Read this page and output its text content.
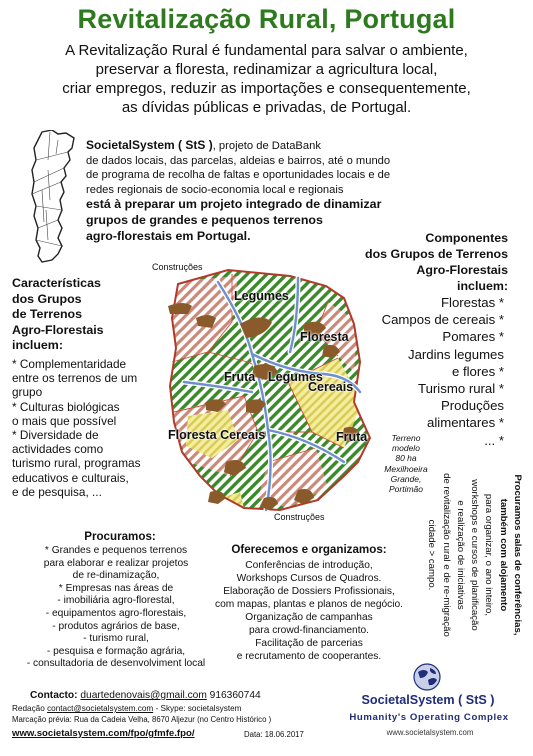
Revitalização Rural, Portugal
A Revitalização Rural é fundamental para salvar o ambiente,
preservar a floresta, redinamizar a agricultura local,
criar empregos, reduzir as importações e consequentemente,
as dívidas públicas e privadas, de Portugal.
SocietalSystem ( StS ), projeto de DataBank
de dados locais, das parcelas, aldeias e bairros, até o mundo
de programa de recolha de faltas e oportunidades locais e de
redes regionais de socio-economia local e regionais
está à preparar um projeto integrado de dinamizar
grupos de grandes e pequenos terrenos
agro-florestais em Portugal.	Componentes
dos Grupos de Terrenos
Agro-Florestais
incluem:
Florestas *
Campos de cereais *
Pomares *
Jardins legumes
e flores *
Turismo rural *
Produções
alimentares *
... *
Características
dos Grupos
de Terrenos
Agro-Florestais
incluem:
* Complementaridade
entre os terrenos de um
grupo
* Culturas biológicas
o mais que possível
* Diversidade de
actividades como
turismo rural, programas
educativos e culturais,
e de pesquisa, ...
Construções
Legumes
Floresta
Fruta Legumes
Cereais
Floresta Cereais	Fruta
Construções
Terreno
modelo
80 ha
Mexilhoeira
Grande,
Portimão
Procuramos:
* Grandes e pequenos terrenos
para elaborar e realizar projetos
de re-dinamização,
* Empresas nas áreas de
- imobiliária agro-florestal,
- equipamentos agro-florestais,
- produtos agrários de base,
- turismo rural,
- pesquisa e formação agrária,
- consultadoria de desenvolviment local
Oferecemos e organizamos:
Conferências de introdução,
Workshops Cursos de Quadros.
Elaboração de Dossiers Profissionais,
com mapas, plantas e planos de negócio.
Organização de campanhas
para crowd-financiamento.
Facilitação de parcerias
e recrutamento de cooperantes.
Procuramos salas de conferências,
também com alojamento
para organizar, o ano inteiro,
workshops e cursos de planificação
e realização de iniciativas
de revitalização rural e de re-migração
cidade > campo.
Contacto: duartedenovais@gmail.com 916360744
Redação contact@societalsystem.com - Skype: societalsystem
Marcação prévia: Rua da Cadeia Velha, 8670 Aljezur (no Centro Histórico )
www.societalsystem.com/fpo/gfmfe.fpo/	Data: 18.06.2017
SocietalSystem ( StS )
Humanity's Operating Complex
www.societalsystem.com
